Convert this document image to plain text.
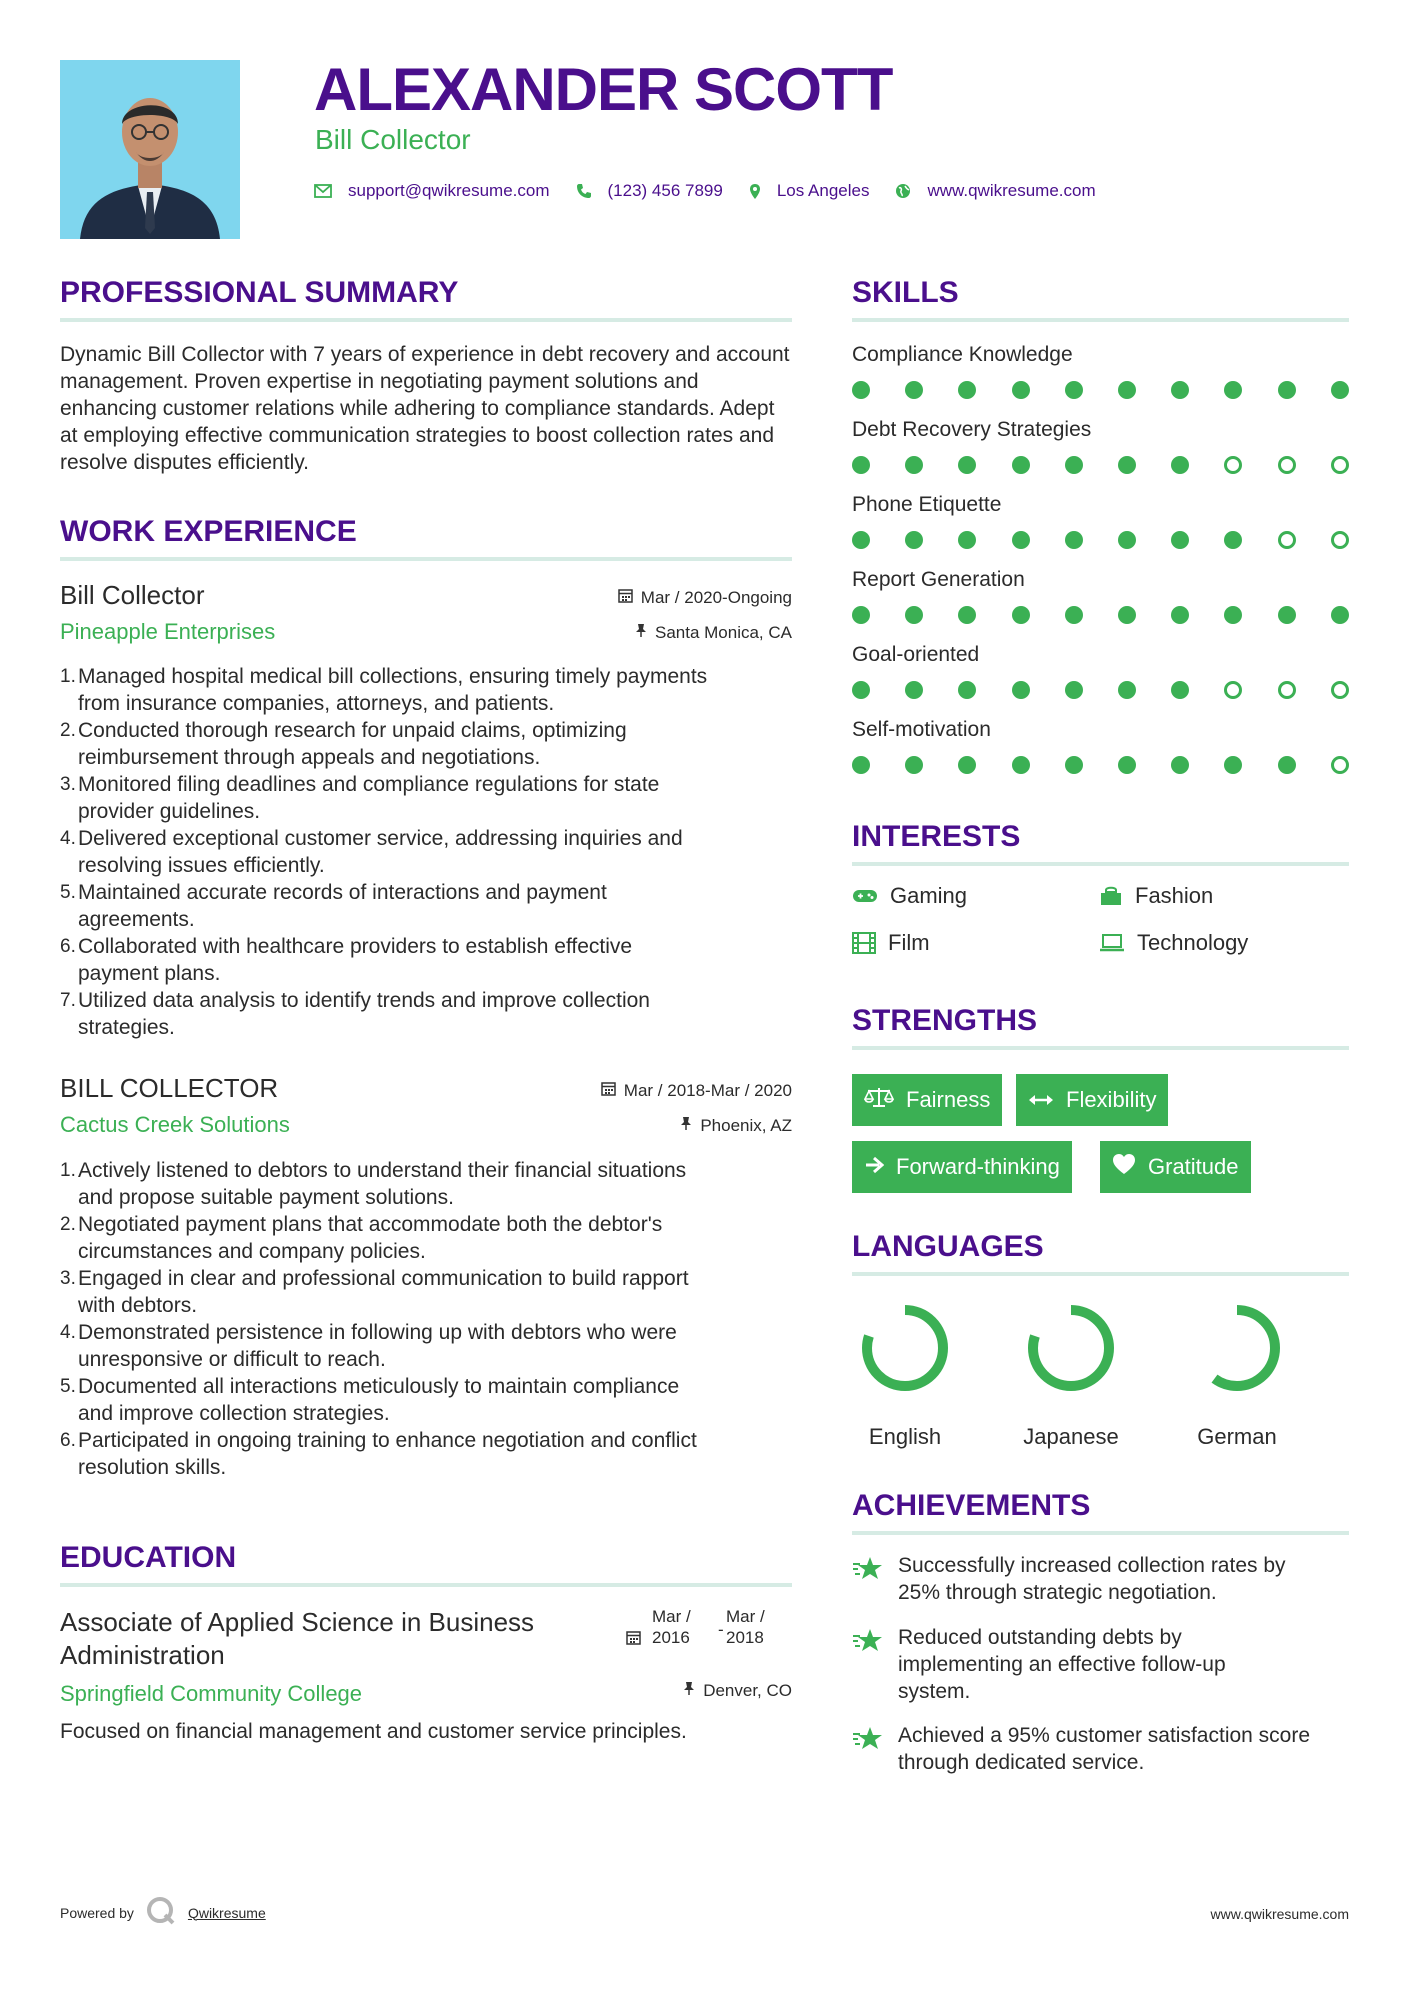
ALEXANDER SCOTT
Bill Collector
support@qwikresume.com	(123) 456 7899	Los Angeles	www.qwikresume.com
PROFESSIONAL SUMMARY
Dynamic Bill Collector with 7 years of experience in debt recovery and account management. Proven expertise in negotiating payment solutions and enhancing customer relations while adhering to compliance standards. Adept at employing effective communication strategies to boost collection rates and resolve disputes efficiently.
WORK EXPERIENCE
Bill Collector
Pineapple Enterprises
Mar / 2020-Ongoing
Santa Monica, CA
1. Managed hospital medical bill collections, ensuring timely payments
from insurance companies, attorneys, and patients.
2. Conducted thorough research for unpaid claims, optimizing
reimbursement through appeals and negotiations.
3. Monitored filing deadlines and compliance regulations for state
provider guidelines.
4. Delivered exceptional customer service, addressing inquiries and
resolving issues efficiently.
5. Maintained accurate records of interactions and payment
agreements.
6. Collaborated with healthcare providers to establish effective
payment plans.
7. Utilized data analysis to identify trends and improve collection
strategies.
BILL COLLECTOR
Cactus Creek Solutions
Mar / 2018-Mar / 2020
Phoenix, AZ
1. Actively listened to debtors to understand their financial situations
and propose suitable payment solutions.
2. Negotiated payment plans that accommodate both the debtor's
circumstances and company policies.
3. Engaged in clear and professional communication to build rapport
with debtors.
4. Demonstrated persistence in following up with debtors who were
unresponsive or difficult to reach.
5. Documented all interactions meticulously to maintain compliance
and improve collection strategies.
6. Participated in ongoing training to enhance negotiation and conflict
resolution skills.
EDUCATION
Associate of Applied Science in Business
Administration
Springfield Community College
Mar /
2016 -
Mar /
2018
Denver, CO
Focused on financial management and customer service principles.
SKILLS
Compliance Knowledge
Debt Recovery Strategies
Phone Etiquette
Report Generation
Goal-oriented
Self-motivation
INTERESTS
Gaming	Fashion
Film	Technology
STRENGTHS
Fairness	Flexibility
Forward-thinking	Gratitude
LANGUAGES
English	Japanese	German
ACHIEVEMENTS
Successfully increased collection rates by
25% through strategic negotiation.
Reduced outstanding debts by
implementing an effective follow-up
system.
Achieved a 95% customer satisfaction score
through dedicated service.
Powered by	Qwikresume	www.qwikresume.com
